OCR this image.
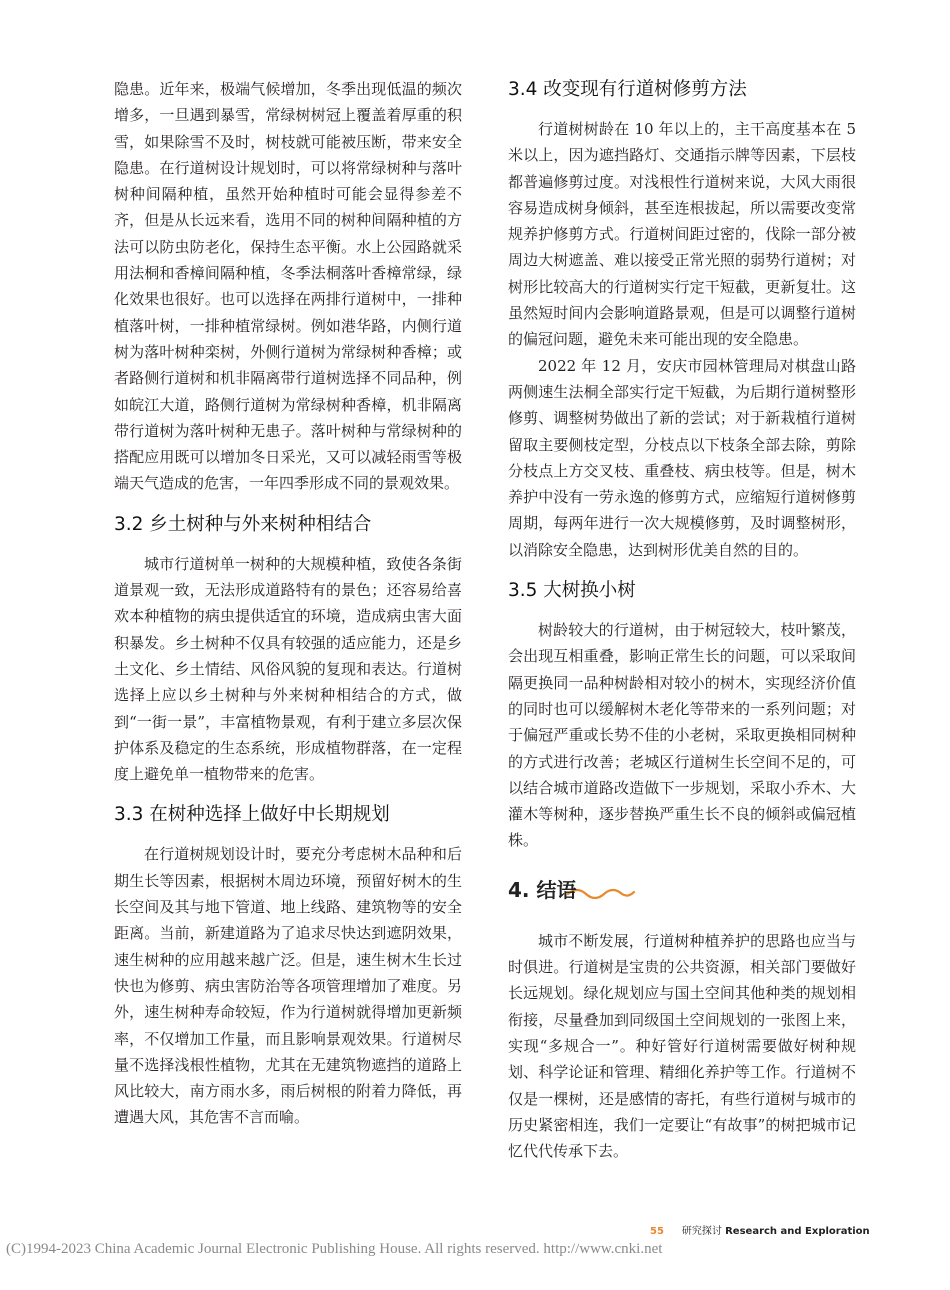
隐患。近年来，极端气候增加，冬季出现低温的频次增多，一旦遇到暴雪，常绿树树冠上覆盖着厚重的积雪，如果除雪不及时，树枝就可能被压断，带来安全隐患。在行道树设计规划时，可以将常绿树种与落叶树种间隔种植，虽然开始种植时可能会显得参差不齐，但是从长远来看，选用不同的树种间隔种植的方法可以防虫防老化，保持生态平衡。水上公园路就采用法桐和香樟间隔种植，冬季法桐落叶香樟常绿，绿化效果也很好。也可以选择在两排行道树中，一排种植落叶树，一排种植常绿树。例如港华路，内侧行道树为落叶树种栾树，外侧行道树为常绿树种香樟；或者路侧行道树和机非隔离带行道树选择不同品种，例如皖江大道，路侧行道树为常绿树种香樟，机非隔离带行道树为落叶树种无患子。落叶树种与常绿树种的搭配应用既可以增加冬日采光，又可以减轻雨雪等极端天气造成的危害，一年四季形成不同的景观效果。

3.2 乡土树种与外来树种相结合

城市行道树单一树种的大规模种植，致使各条街道景观一致，无法形成道路特有的景色；还容易给喜欢本种植物的病虫提供适宜的环境，造成病虫害大面积暴发。乡土树种不仅具有较强的适应能力，还是乡土文化、乡土情结、风俗风貌的复现和表达。行道树选择上应以乡土树种与外来树种相结合的方式，做到“一街一景”，丰富植物景观，有利于建立多层次保护体系及稳定的生态系统，形成植物群落，在一定程度上避免单一植物带来的危害。

3.3 在树种选择上做好中长期规划

在行道树规划设计时，要充分考虑树木品种和后期生长等因素，根据树木周边环境，预留好树木的生长空间及其与地下管道、地上线路、建筑物等的安全距离。当前，新建道路为了追求尽快达到遮阴效果，速生树种的应用越来越广泛。但是，速生树木生长过快也为修剪、病虫害防治等各项管理增加了难度。另外，速生树种寿命较短，作为行道树就得增加更新频率，不仅增加工作量，而且影响景观效果。行道树尽量不选择浅根性植物，尤其在无建筑物遮挡的道路上风比较大，南方雨水多，雨后树根的附着力降低，再遭遇大风，其危害不言而喻。

3.4 改变现有行道树修剪方法

行道树树龄在 10 年以上的，主干高度基本在 5 米以上，因为遮挡路灯、交通指示牌等因素，下层枝都普遍修剪过度。对浅根性行道树来说，大风大雨很容易造成树身倾斜，甚至连根拔起，所以需要改变常规养护修剪方式。行道树间距过密的，伐除一部分被周边大树遮盖、难以接受正常光照的弱势行道树；对树形比较高大的行道树实行定干短截，更新复壮。这虽然短时间内会影响道路景观，但是可以调整行道树的偏冠问题，避免未来可能出现的安全隐患。

2022 年 12 月，安庆市园林管理局对棋盘山路两侧速生法桐全部实行定干短截，为后期行道树整形修剪、调整树势做出了新的尝试；对于新栽植行道树留取主要侧枝定型，分枝点以下枝条全部去除，剪除分枝点上方交叉枝、重叠枝、病虫枝等。但是，树木养护中没有一劳永逸的修剪方式，应缩短行道树修剪周期，每两年进行一次大规模修剪，及时调整树形，以消除安全隐患，达到树形优美自然的目的。

3.5 大树换小树

树龄较大的行道树，由于树冠较大，枝叶繁茂，会出现互相重叠，影响正常生长的问题，可以采取间隔更换同一品种树龄相对较小的树木，实现经济价值的同时也可以缓解树木老化等带来的一系列问题；对于偏冠严重或长势不佳的小老树，采取更换相同树种的方式进行改善；老城区行道树生长空间不足的，可以结合城市道路改造做下一步规划，采取小乔木、大灌木等树种，逐步替换严重生长不良的倾斜或偏冠植株。

4. 结语

城市不断发展，行道树种植养护的思路也应当与时俱进。行道树是宝贵的公共资源，相关部门要做好长远规划。绿化规划应与国土空间其他种类的规划相衔接，尽量叠加到同级国土空间规划的一张图上来，实现“多规合一”。种好管好行道树需要做好树种规划、科学论证和管理、精细化养护等工作。行道树不仅是一棵树，还是感情的寄托，有些行道树与城市的历史紧密相连，我们一定要让“有故事”的树把城市记忆代代传承下去。

55 研究探讨 Research and Exploration
(C)1994-2023 China Academic Journal Electronic Publishing House. All rights reserved. http://www.cnki.net
